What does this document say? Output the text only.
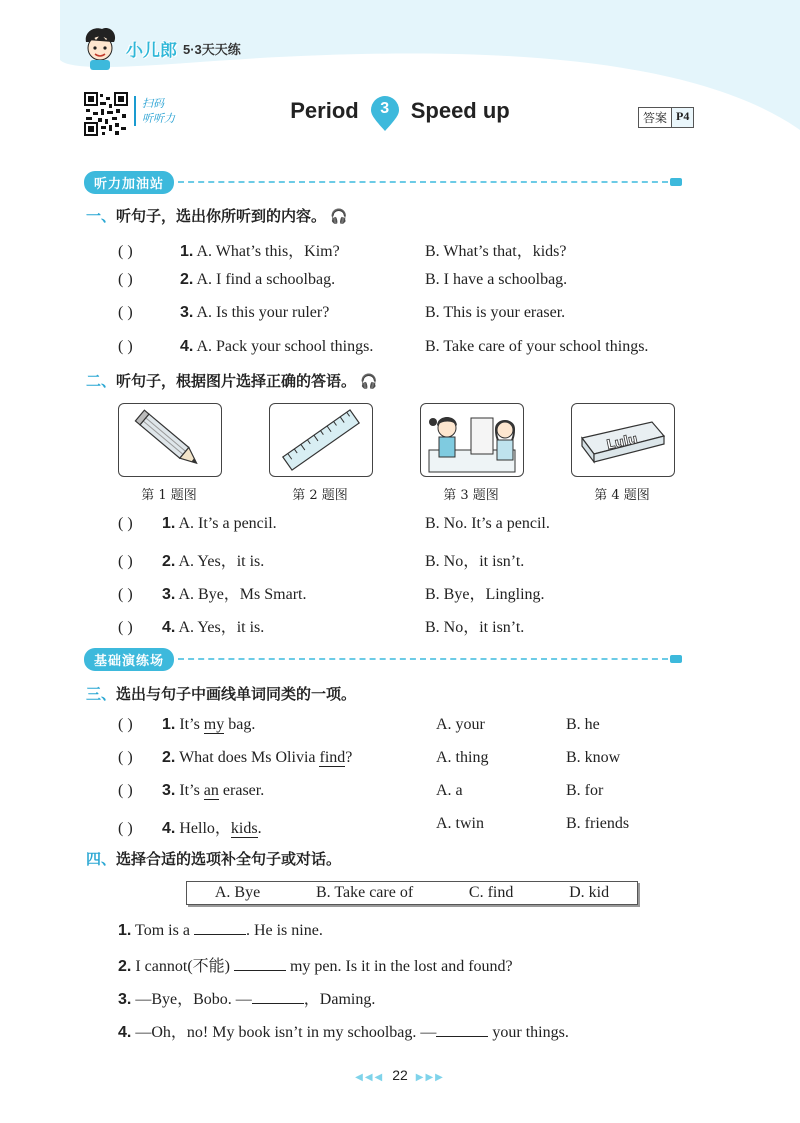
小儿郎 5·3天天练
扫码
听听力	Period	3 Speed up	答案 P4
听力加油站
一、听句子，选出你所听到的内容。 🎧
( )	1. A. What’s this，Kim?	B. What’s that，kids?
( )	2. A. I find a schoolbag.	B. I have a schoolbag.
( )	3. A. Is this your ruler?	B. This is your eraser.
( )	4. A. Pack your school things.	B. Take care of your school things.
二、听句子，根据图片选择正确的答语。 🎧
Lulu
第 1 题图	第 2 题图	第 3 题图	第 4 题图
( ) 1. A. It’s a pencil.	B. No. It’s a pencil.
( ) 2. A. Yes，it is.	B. No，it isn’t.
( ) 3. A. Bye，Ms Smart.	B. Bye，Lingling.
( ) 4. A. Yes，it is.	B. No，it isn’t.
基础演练场
三、选出与句子中画线单词同类的一项。
( ) 1. It’s my bag.	A. your	B. he
( ) 2. What does Ms Olivia find?	A. thing	B. know
( ) 3. It’s an eraser.	A. a	B. for
( ) 4. Hello，kids.	A. twin	B. friends
四、选择合适的选项补全句子或对话。
A. Bye	B. Take care of	C. find	D. kid
1. Tom is a	. He is nine.
2. I cannot(不能)	my pen. Is it in the lost and found?
3. —Bye，Bobo. —	，Daming.
4. —Oh，no! My book isn’t in my schoolbag. —	your things.
◀◀◀ 22 ▶▶▶
